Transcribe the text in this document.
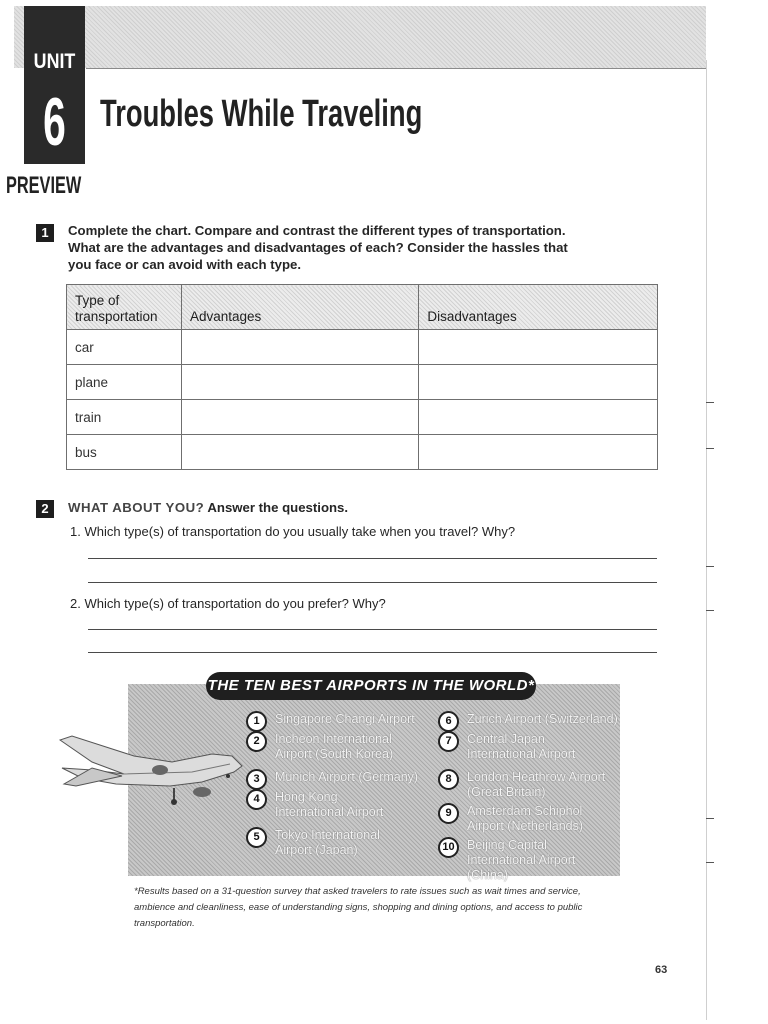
UNIT
6 Troubles While Traveling
PREVIEW
1	Complete the chart. Compare and contrast the different types of transportation. What are the advantages and disadvantages of each? Consider the hassles that you face or can avoid with each type.
Type of transportation	Advantages	Disadvantages
car		
plane		
train		
bus		
2	WHAT ABOUT YOU? Answer the questions.
1. Which type(s) of transportation do you usually take when you travel? Why?
2. Which type(s) of transportation do you prefer? Why?
THE TEN BEST AIRPORTS IN THE WORLD*
1	Singapore Changi Airport
2	Incheon International Airport (South Korea)
3	Munich Airport (Germany)
4	Hong Kong International Airport
5	Tokyo International Airport (Japan)
6	Zurich Airport (Switzerland)
7	Central Japan International Airport
8	London Heathrow Airport (Great Britain)
9	Amsterdam Schiphol Airport (Netherlands)
10 Beijing Capital International Airport (China)
*Results based on a 31-question survey that asked travelers to rate issues such as wait times and service, ambience and cleanliness, ease of understanding signs, shopping and dining options, and access to public transportation.
63
